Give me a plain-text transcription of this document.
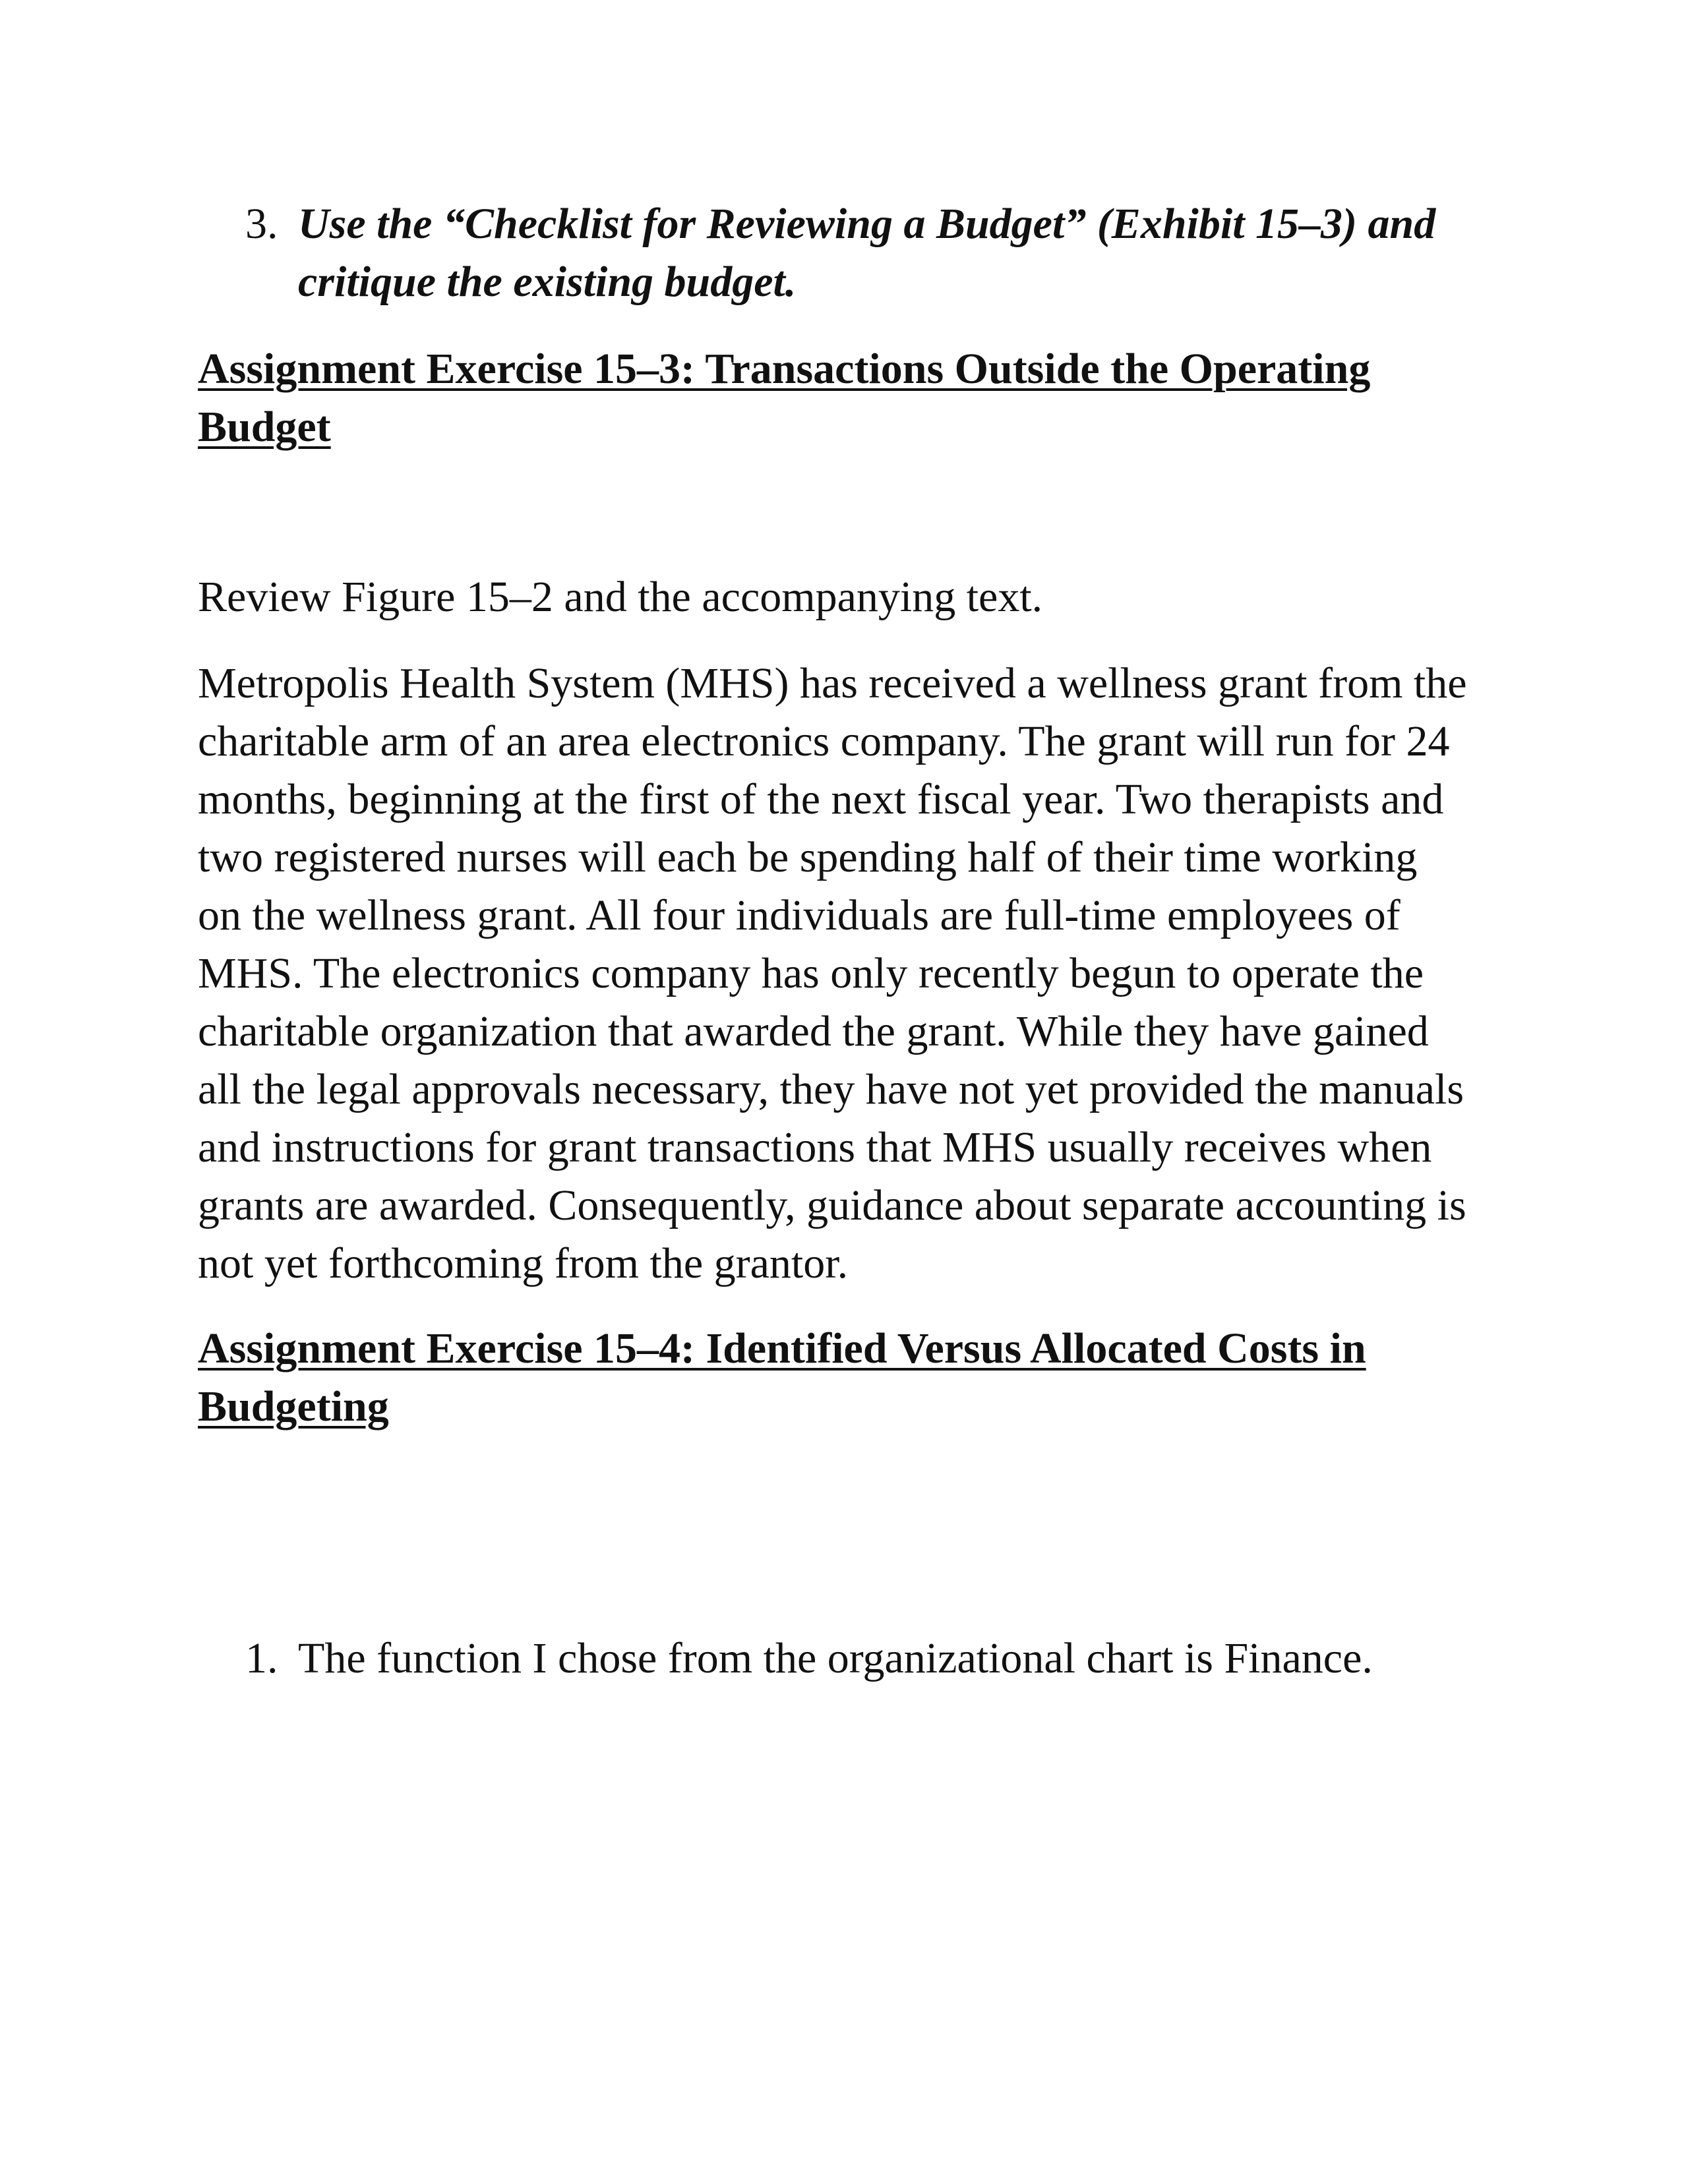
3. Use the “Checklist for Reviewing a Budget” (Exhibit 15–3) and
critique the existing budget.
Assignment Exercise 15–3: Transactions Outside the Operating
Budget

Review Figure 15–2 and the accompanying text.

Metropolis Health System (MHS) has received a wellness grant from the
charitable arm of an area electronics company. The grant will run for 24
months, beginning at the first of the next fiscal year. Two therapists and
two registered nurses will each be spending half of their time working
on the wellness grant. All four individuals are full-time employees of
MHS. The electronics company has only recently begun to operate the
charitable organization that awarded the grant. While they have gained
all the legal approvals necessary, they have not yet provided the manuals
and instructions for grant transactions that MHS usually receives when
grants are awarded. Consequently, guidance about separate accounting is
not yet forthcoming from the grantor.

Assignment Exercise 15–4: Identified Versus Allocated Costs in
Budgeting
1. The function I chose from the organizational chart is Finance.
